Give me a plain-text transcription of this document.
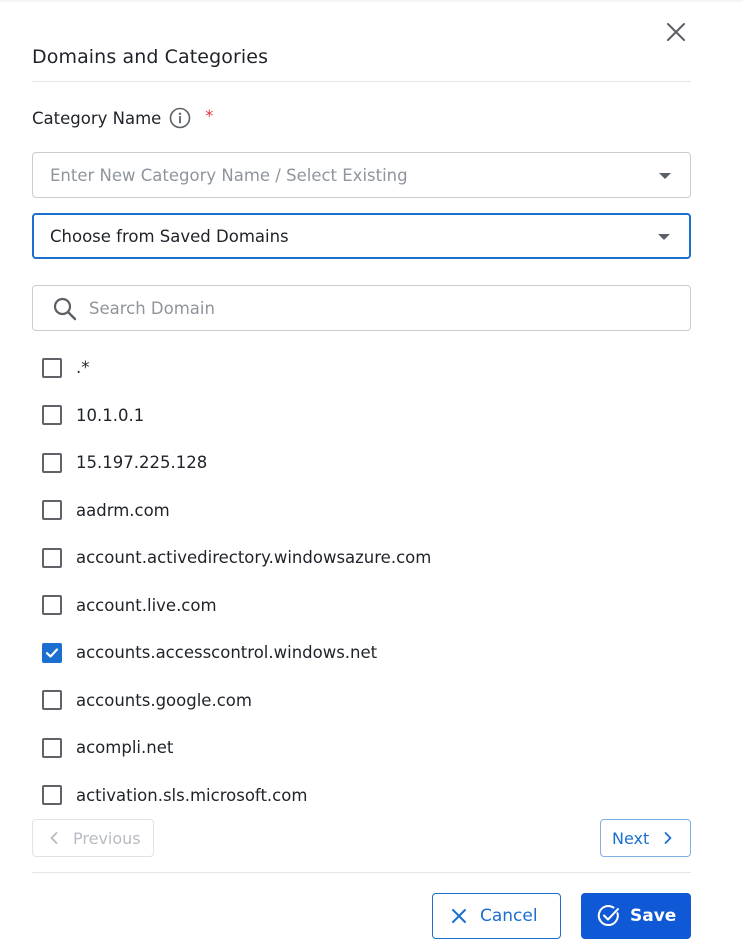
Domains and Categories
Category Name	*
Enter New Category Name / Select Existing
Choose from Saved Domains
Search Domain
.*
10.1.0.1
15.197.225.128
aadrm.com
account.activedirectory.windowsazure.com
account.live.com
accounts.accesscontrol.windows.net
accounts.google.com
acompli.net
activation.sls.microsoft.com
Previous	Next
Cancel	Save
